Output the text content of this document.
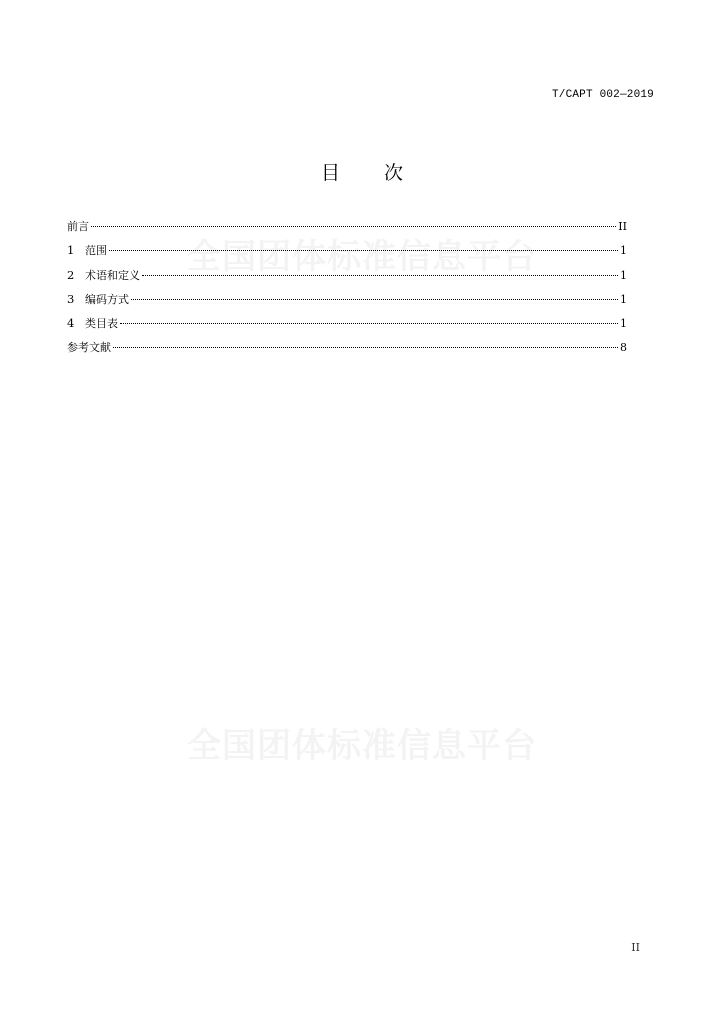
全国团体标准信息平台
全国团体标准信息平台
T/CAPT 002—2019
目 次
前言	II
1 范围	1
2 术语和定义	1
3 编码方式	1
4 类目表	1
参考文献	8
II
